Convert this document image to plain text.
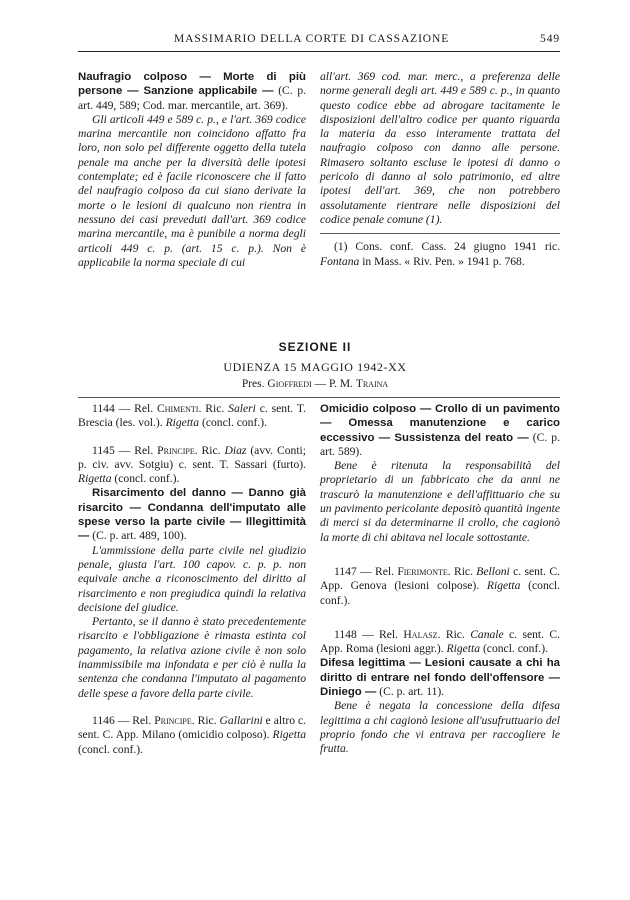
MASSIMARIO DELLA CORTE DI CASSAZIONE	549

Naufragio colposo — Morte di più persone — Sanzione applicabile — (C. p. art. 449, 589; Cod. mar. mercantile, art. 369).

Gli articoli 449 e 589 c. p., e l'art. 369 codice marina mercantile non coincidono affatto fra loro, non solo pel differente oggetto della tutela penale ma anche per la diversità delle ipotesi contemplate; ed è facile riconoscere che il fatto del naufragio colposo da cui siano derivate la morte o le lesioni di qualcuno non rientra in nessuno dei casi preveduti dall'art. 369 codice marina mercantile, ma è punibile a norma degli articoli 449 c. p. (art. 15 c. p.). Non è applicabile la norma speciale di cui

all'art. 369 cod. mar. merc., a preferenza delle norme generali degli art. 449 e 589 c. p., in quanto questo codice ebbe ad abrogare tacitamente le disposizioni dell'altro codice per quanto riguarda la materia da esso interamente trattata del naufragio colposo con danno alle persone. Rimasero soltanto escluse le ipotesi di danno o pericolo di danno al solo patrimonio, ed altre ipotesi dell'art. 369, che non potrebbero assolutamente rientrare nelle disposizioni del codice penale comune (1).

(1) Cons. conf. Cass. 24 giugno 1941 ric. Fontana in Mass. « Riv. Pen. » 1941 p. 768.

SEZIONE II
UDIENZA 15 MAGGIO 1942-XX
Pres. Gioffredi — P. M. Traina

1144 — Rel. Chimenti. Ric. Saleri c. sent. T. Brescia (les. vol.). Rigetta (concl. conf.).

1145 — Rel. Principe. Ric. Diaz (avv. Conti; p. civ. avv. Sotgiu) c. sent. T. Sassari (furto). Rigetta (concl. conf.).

Risarcimento del danno — Danno già risarcito — Condanna dell'imputato alle spese verso la parte civile — Illegittimità — (C. p. art. 489, 100).

L'ammissione della parte civile nel giudizio penale, giusta l'art. 100 capov. c. p. p. non equivale anche a riconoscimento del diritto al risarcimento e non pregiudica quindi la relativa decisione del giudice.

Pertanto, se il danno è stato precedentemente risarcito e l'obbligazione è rimasta estinta col pagamento, la relativa azione civile è non solo inammissibile ma infondata e per ciò è nulla la sentenza che condanna l'imputato al pagamento delle spese a favore della parte civile.

1146 — Rel. Principe. Ric. Gallarini e altro c. sent. C. App. Milano (omicidio colposo). Rigetta (concl. conf.).

Omicidio colposo — Crollo di un pavimento — Omessa manutenzione e carico eccessivo — Sussistenza del reato — (C. p. art. 589).

Bene è ritenuta la responsabilità del proprietario di un fabbricato che da anni ne trascurò la manutenzione e dell'affittuario che su un pavimento pericolante depositò quantità ingente di merci si da determinarne il crollo, che cagionò la morte di chi abitava nel locale sottostante.

1147 — Rel. Fierimonte. Ric. Belloni c. sent. C. App. Genova (lesioni colpose). Rigetta (concl. conf.).

1148 — Rel. Halasz. Ric. Canale c. sent. C. App. Roma (lesioni aggr.). Rigetta (concl. conf.).

Difesa legittima — Lesioni causate a chi ha diritto di entrare nel fondo dell'offensore — Diniego — (C. p. art. 11).

Bene è negata la concessione della difesa legittima a chi cagionò lesione all'usufruttuario del proprio fondo che vi entrava per raccogliere le frutta.
